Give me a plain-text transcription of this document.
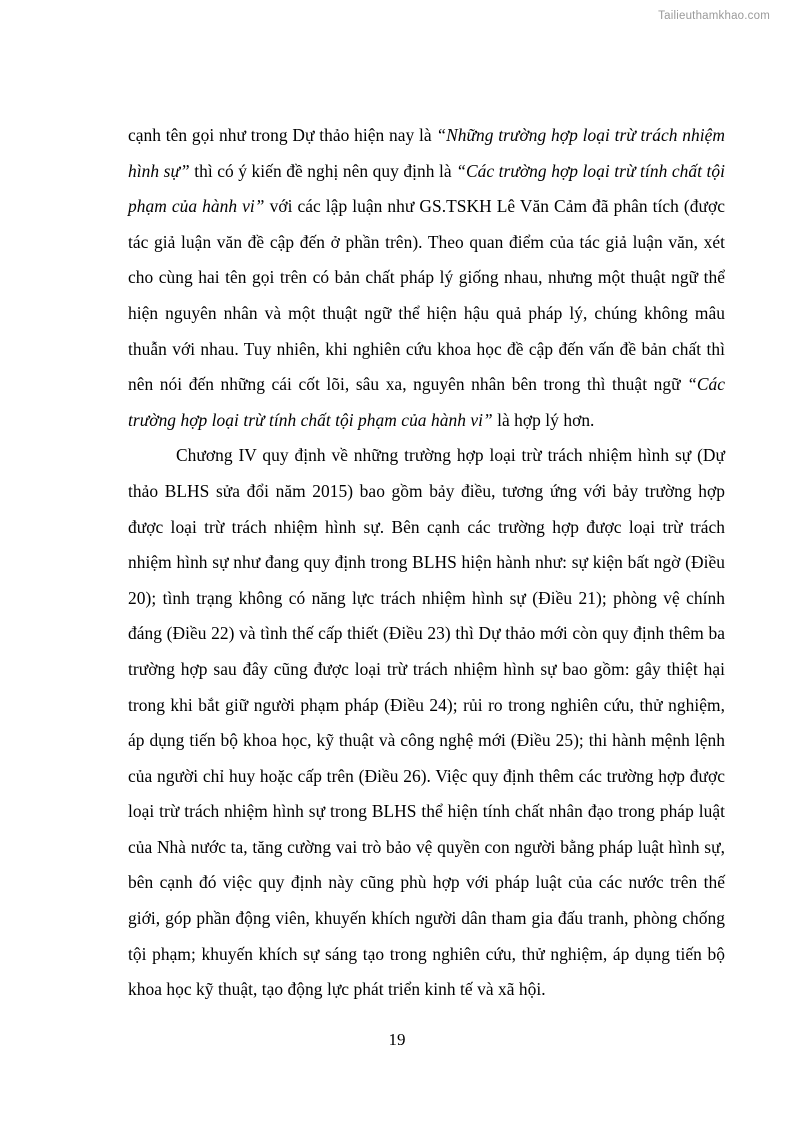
Tailieuthamkhao.com

cạnh tên gọi như trong Dự thảo hiện nay là “Những trường hợp loại trừ trách nhiệm hình sự” thì có ý kiến đề nghị nên quy định là “Các trường hợp loại trừ tính chất tội phạm của hành vi” với các lập luận như GS.TSKH Lê Văn Cảm đã phân tích (được tác giả luận văn đề cập đến ở phần trên). Theo quan điểm của tác giả luận văn, xét cho cùng hai tên gọi trên có bản chất pháp lý giống nhau, nhưng một thuật ngữ thể hiện nguyên nhân và một thuật ngữ thể hiện hậu quả pháp lý, chúng không mâu thuẫn với nhau. Tuy nhiên, khi nghiên cứu khoa học đề cập đến vấn đề bản chất thì nên nói đến những cái cốt lõi, sâu xa, nguyên nhân bên trong thì thuật ngữ “Các trường hợp loại trừ tính chất tội phạm của hành vi” là hợp lý hơn.

Chương IV quy định về những trường hợp loại trừ trách nhiệm hình sự (Dự thảo BLHS sửa đổi năm 2015) bao gồm bảy điều, tương ứng với bảy trường hợp được loại trừ trách nhiệm hình sự. Bên cạnh các trường hợp được loại trừ trách nhiệm hình sự như đang quy định trong BLHS hiện hành như: sự kiện bất ngờ (Điều 20); tình trạng không có năng lực trách nhiệm hình sự (Điều 21); phòng vệ chính đáng (Điều 22) và tình thế cấp thiết (Điều 23) thì Dự thảo mới còn quy định thêm ba trường hợp sau đây cũng được loại trừ trách nhiệm hình sự bao gồm: gây thiệt hại trong khi bắt giữ người phạm pháp (Điều 24); rủi ro trong nghiên cứu, thử nghiệm, áp dụng tiến bộ khoa học, kỹ thuật và công nghệ mới (Điều 25); thi hành mệnh lệnh của người chỉ huy hoặc cấp trên (Điều 26). Việc quy định thêm các trường hợp được loại trừ trách nhiệm hình sự trong BLHS thể hiện tính chất nhân đạo trong pháp luật của Nhà nước ta, tăng cường vai trò bảo vệ quyền con người bằng pháp luật hình sự, bên cạnh đó việc quy định này cũng phù hợp với pháp luật của các nước trên thế giới, góp phần động viên, khuyến khích người dân tham gia đấu tranh, phòng chống tội phạm; khuyến khích sự sáng tạo trong nghiên cứu, thử nghiệm, áp dụng tiến bộ khoa học kỹ thuật, tạo động lực phát triển kinh tế và xã hội.

19
